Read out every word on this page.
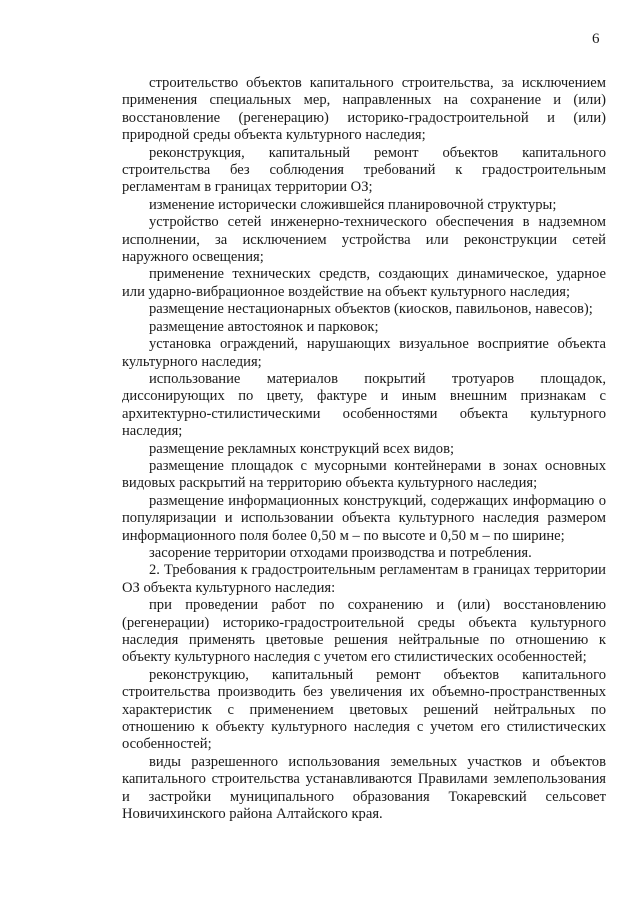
6

строительство объектов капитального строительства, за исключением применения специальных мер, направленных на сохранение и (или) восстановление (регенерацию) историко-градостроительной и (или) природной среды объекта культурного наследия;

реконструкция, капитальный ремонт объектов капитального строительства без соблюдения требований к градостроительным регламентам в границах территории ОЗ;

изменение исторически сложившейся планировочной структуры;

устройство сетей инженерно-технического обеспечения в надземном исполнении, за исключением устройства или реконструкции сетей наружного освещения;

применение технических средств, создающих динамическое, ударное или ударно-вибрационное воздействие на объект культурного наследия;

размещение нестационарных объектов (киосков, павильонов, навесов);

размещение автостоянок и парковок;

установка ограждений, нарушающих визуальное восприятие объекта культурного наследия;

использование материалов покрытий тротуаров площадок, диссонирующих по цвету, фактуре и иным внешним признакам с архитектурно-стилистическими особенностями объекта культурного наследия;

размещение рекламных конструкций всех видов;

размещение площадок с мусорными контейнерами в зонах основных видовых раскрытий на территорию объекта культурного наследия;

размещение информационных конструкций, содержащих информацию о популяризации и использовании объекта культурного наследия размером информационного поля более 0,50 м – по высоте и 0,50 м – по ширине;

засорение территории отходами производства и потребления.

2. Требования к градостроительным регламентам в границах территории ОЗ объекта культурного наследия:

при проведении работ по сохранению и (или) восстановлению (регенерации) историко-градостроительной среды объекта культурного наследия применять цветовые решения нейтральные по отношению к объекту культурного наследия с учетом его стилистических особенностей;

реконструкцию, капитальный ремонт объектов капитального строительства производить без увеличения их объемно-пространственных характеристик с применением цветовых решений нейтральных по отношению к объекту культурного наследия с учетом его стилистических особенностей;

виды разрешенного использования земельных участков и объектов капитального строительства устанавливаются Правилами землепользования и застройки муниципального образования Токаревский сельсовет Новичихинского района Алтайского края.
